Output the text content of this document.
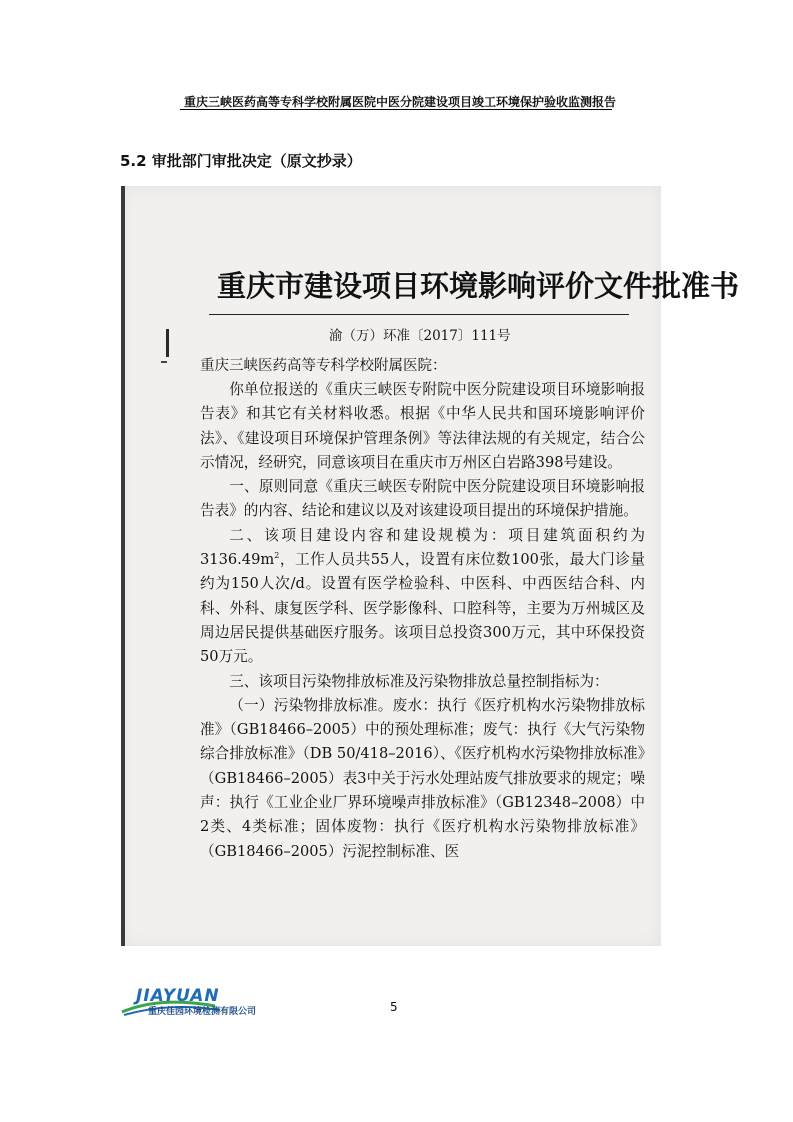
重庆三峡医药高等专科学校附属医院中医分院建设项目竣工环境保护验收监测报告
5.2 审批部门审批决定（原文抄录）
重庆市建设项目环境影响评价文件批准书
渝（万）环准〔2017〕111号
重庆三峡医药高等专科学校附属医院：

你单位报送的《重庆三峡医专附院中医分院建设项目环境影响报告表》和其它有关材料收悉。根据《中华人民共和国环境影响评价法》、《建设项目环境保护管理条例》等法律法规的有关规定，结合公示情况，经研究，同意该项目在重庆市万州区白岩路398号建设。

一、原则同意《重庆三峡医专附院中医分院建设项目环境影响报告表》的内容、结论和建议以及对该建设项目提出的环境保护措施。

二、该项目建设内容和建设规模为：项目建筑面积约为$3136.49m^2$，工作人员共55人，设置有床位数100张，最大门诊量约为150人次/d。设置有医学检验科、中医科、中西医结合科、内科、外科、康复医学科、医学影像科、口腔科等，主要为万州城区及周边居民提供基础医疗服务。该项目总投资300万元，其中环保投资50万元。

三、该项目污染物排放标准及污染物排放总量控制指标为：

（一）污染物排放标准。废水：执行《医疗机构水污染物排放标准》（GB18466–2005）中的预处理标准；废气：执行《大气污染物综合排放标准》（DB 50/418–2016）、《医疗机构水污染物排放标准》（GB18466–2005）表3中关于污水处理站废气排放要求的规定；噪声：执行《工业企业厂界环境噪声排放标准》（GB12348–2008）中2类、4类标准；固体废物：执行《医疗机构水污染物排放标准》（GB18466–2005）污泥控制标准、医

JIAYUAN
重庆佳园环境检测有限公司	5
